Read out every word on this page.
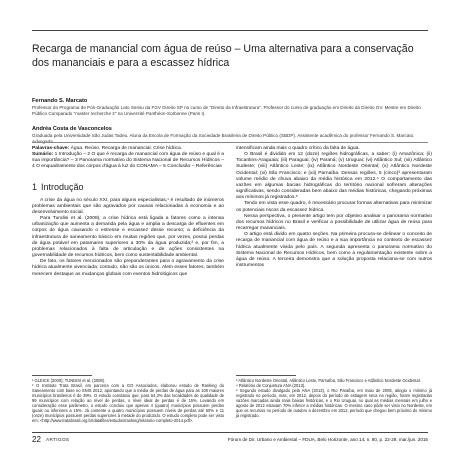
Recarga de manancial com água de reúso – Uma alternativa para a conservação dos mananciais e para a escassez hídrica
Fernando S. Marcato
Professor do Programa de Pós-Graduação Lato Sensu da FGV Direito SP no curso de "Direito da Infraestrutura". Professor do curso de graduação em Direito da Direito GV. Mestre em Direito Público Comparado "master recherche 2" na Université Panthéon-Sorbonne (Paris I).
Andréa Costa de Vasconcelos
Graduada pela Universidade São Judas Tadeu. Aluna da Escola de Formação da Sociedade Brasileira de Direito Público (SBDP). Assistente acadêmica do professor Fernando S. Marcato. Advogada.

Palavras-chave: Água. Reúso. Recarga de manancial. Crise hídrica.

Sumário: 1 Introdução – 2 O que é recarga de manancial com água de reúso e qual é a sua importância? – 3 Panorama normativo do Sistema Nacional de Recursos Hídricos – 4 O enquadramento dos corpos d'água à luz do CONAMA – 5 Conclusão – Referências

1 Introdução

A crise da água no século XXI, para alguns especialistas,¹ é resultado de inúmeros problemas ambientais que são agravados por causas relacionadas à economia e ao desenvolvimento social.

Para Tundisi et al. (2008), a crise hídrica está ligada a fatores como a intensa urbanização que aumenta a demanda pela água e amplia a descarga de efluentes em corpos de água causando o estresse e escassez desse recurso; a deficiência da infraestrutura de saneamento básico em muitas regiões que, por vezes, possui perdas de água potável em patamares superiores a 30% da água produzida;² e, por fim, a problemas relacionados à falta de articulação e de ações consistentes na governabilidade de recursos hídricos, bem como sustentabilidade ambiental.

De fato, os fatores mencionados são preponderantes para o agravamento da crise hídrica atualmente vivenciada; contudo, não são os únicos. Alem esses fatores, também merecem destaque as mudanças globais com eventos hidrológicos que

intensificam ainda mais o quadro crítico da falta de água.

O Brasil é dividido em 12 (doze) regiões hidrográficas, a saber: (i) Amazônica; (ii) Tocantins-Araguaia; (iii) Paraguai; (iv) Paraná; (v) Uruguai; (vi) Atlântico Sul; (vii) Atlântico Sudeste; (viii) Atlântico Leste; (ix) Atlântico Nordeste Oriental; (x) Atlântico Nordeste Ocidental; (xi) São Francisco; e (xii) Parnaíba. Dessas regiões, 5 (cinco)³ apresentaram volume médio de chuva abaixo da média histórica em 2012.⁴ O comportamento das vazões em algumas bacias hidrográficas do território nacional sofreram alterações significativas, sendo consideradas bem abaixo das médias históricas, chegando próximas aos mínimos já registrados.⁵

Tendo em vista esse quadro, é necessário procurar formas alternativas para minimizar os potenciais riscos da escassez hídrica.

Nessa perspectiva, o presente artigo tem por objetivo analisar o panorama normativo dos recursos hídricos no Brasil e verificar a possibilidade de utilizar água de reúso para recarregar mananciais.

O artigo está divido em quatro seções. Na primeira procura-se delinear o conceito de recarga de manancial com água de reúso e a sua importância no contexto de escassez hídrica atualmente vivida pelo país. A segunda apresenta o panorama normativo do Sistema Nacional de Recursos Hídricos, bem como a regulamentação existente sobre a água de reúso. A terceira demonstra que a solução proposta relaciona-se com outros instrumentos

¹ GLEICK (2000); TUNDISI et al. (2008).

² O Instituto Trata Brasil, em parceria com a GO Associados, elaborou estudo de Ranking do Saneamento com base no SNIS 2012, apontando que a média de perdas de água para as 100 maiores municípios brasileiros é de 39%. O estudo constatou que, para 54,3% das localidades de qualidade de 99 municípios com relação ao nível de perdas, o nível ideal de perdas é de 15%. Levando em consideração esse parâmetro, o estudo concluiu que apenas 4 (quatro) municípios possuem perdas iguais ou inferiores a 15%. Já contente a quatro municípios possuem níveis de perdas até 60% e 11 (onze) municípios possuem perdas superiores à metade do produzido. O estudo completo pode ser visto em: <http://www.tratabrasil.org.br/datafiles/estudos/ranking/relatorio-completo-2014.pdf>.

³ Atlântico Nordeste Oriental, Atlântico Leste, Parnaíba, São Francisco e Atlântico Nordeste Ocidental.

⁴ Relatório de Conjuntura ANA (2013).

⁵ Segundo estudo divulgado pela ANA (2013), o Rio Paraíba, em maio de 2005, atingiu o mínimo já registrado no período, mas, em 2012, depois do período de estiagem seca na região, foram registradas vazões marcadas ainda mais baixas históricas, e o Rio Uruguai, no qual as médias mensais em julho e agosto de 2012 estavam 70% inferior a médias históricas. O mesmo caso pôde ser visto no Nordeste, em que os recursos no período de outubro a dezembro em 2012, período que chegou bem próximo do mínimo já registrado.

22 ARTIGOS	Fórum de Dir. Urbano e Ambiental – FDUA, Belo Horizonte, ano 14, n. 80, p. 22-29, mar./jun. 2015
